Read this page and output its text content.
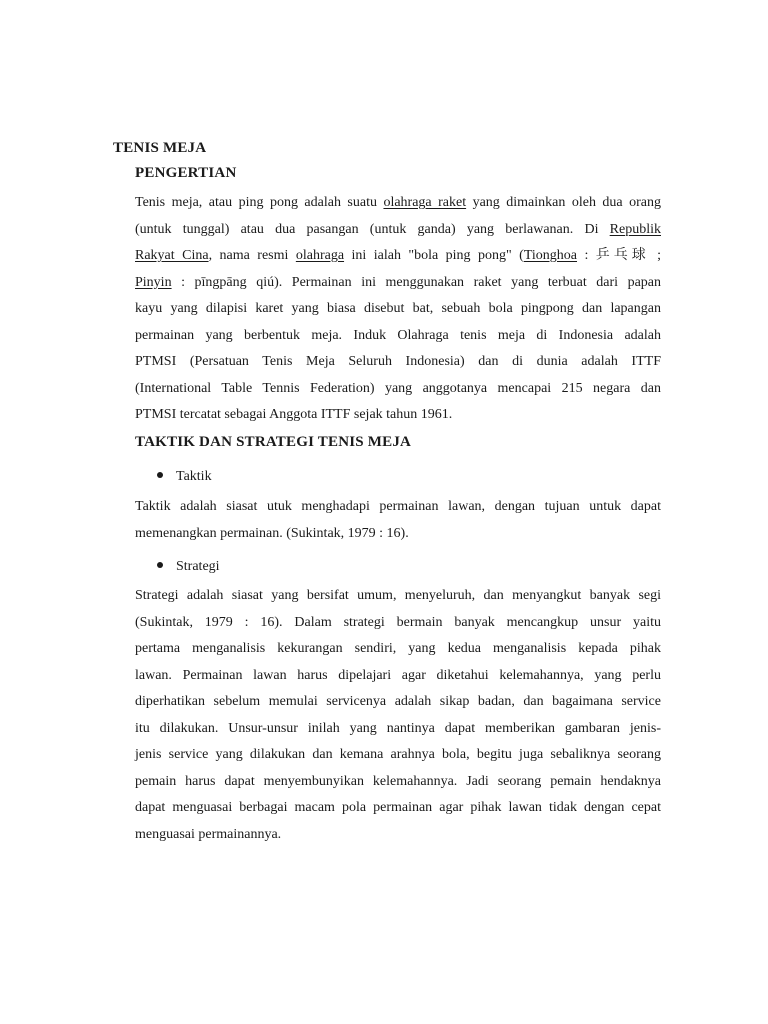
TENIS MEJA
PENGERTIAN
Tenis meja, atau ping pong adalah suatu olahraga raket yang dimainkan oleh dua orang
(untuk tunggal) atau dua pasangan (untuk ganda) yang berlawanan. Di Republik
Rakyat Cina, nama resmi olahraga ini ialah "bola ping pong" (Tionghoa : 乒乓球 ;
Pinyin : pīngpāng qiú). Permainan ini menggunakan raket yang terbuat dari papan
kayu yang dilapisi karet yang biasa disebut bat, sebuah bola pingpong dan lapangan
permainan yang berbentuk meja. Induk Olahraga tenis meja di Indonesia adalah
PTMSI (Persatuan Tenis Meja Seluruh Indonesia) dan di dunia adalah ITTF
(International Table Tennis Federation) yang anggotanya mencapai 215 negara dan
PTMSI tercatat sebagai Anggota ITTF sejak tahun 1961.
TAKTIK DAN STRATEGI TENIS MEJA
Taktik
Taktik adalah siasat utuk menghadapi permainan lawan, dengan tujuan untuk dapat
memenangkan permainan. (Sukintak, 1979 : 16).
Strategi
Strategi adalah siasat yang bersifat umum, menyeluruh, dan menyangkut banyak segi
(Sukintak, 1979 : 16). Dalam strategi bermain banyak mencangkup unsur yaitu
pertama menganalisis kekurangan sendiri, yang kedua menganalisis kepada pihak
lawan. Permainan lawan harus dipelajari agar diketahui kelemahannya, yang perlu
diperhatikan sebelum memulai servicenya adalah sikap badan, dan bagaimana service
itu dilakukan. Unsur-unsur inilah yang nantinya dapat memberikan gambaran jenis-
jenis service yang dilakukan dan kemana arahnya bola, begitu juga sebaliknya seorang
pemain harus dapat menyembunyikan kelemahannya. Jadi seorang pemain hendaknya
dapat menguasai berbagai macam pola permainan agar pihak lawan tidak dengan cepat
menguasai permainannya.
